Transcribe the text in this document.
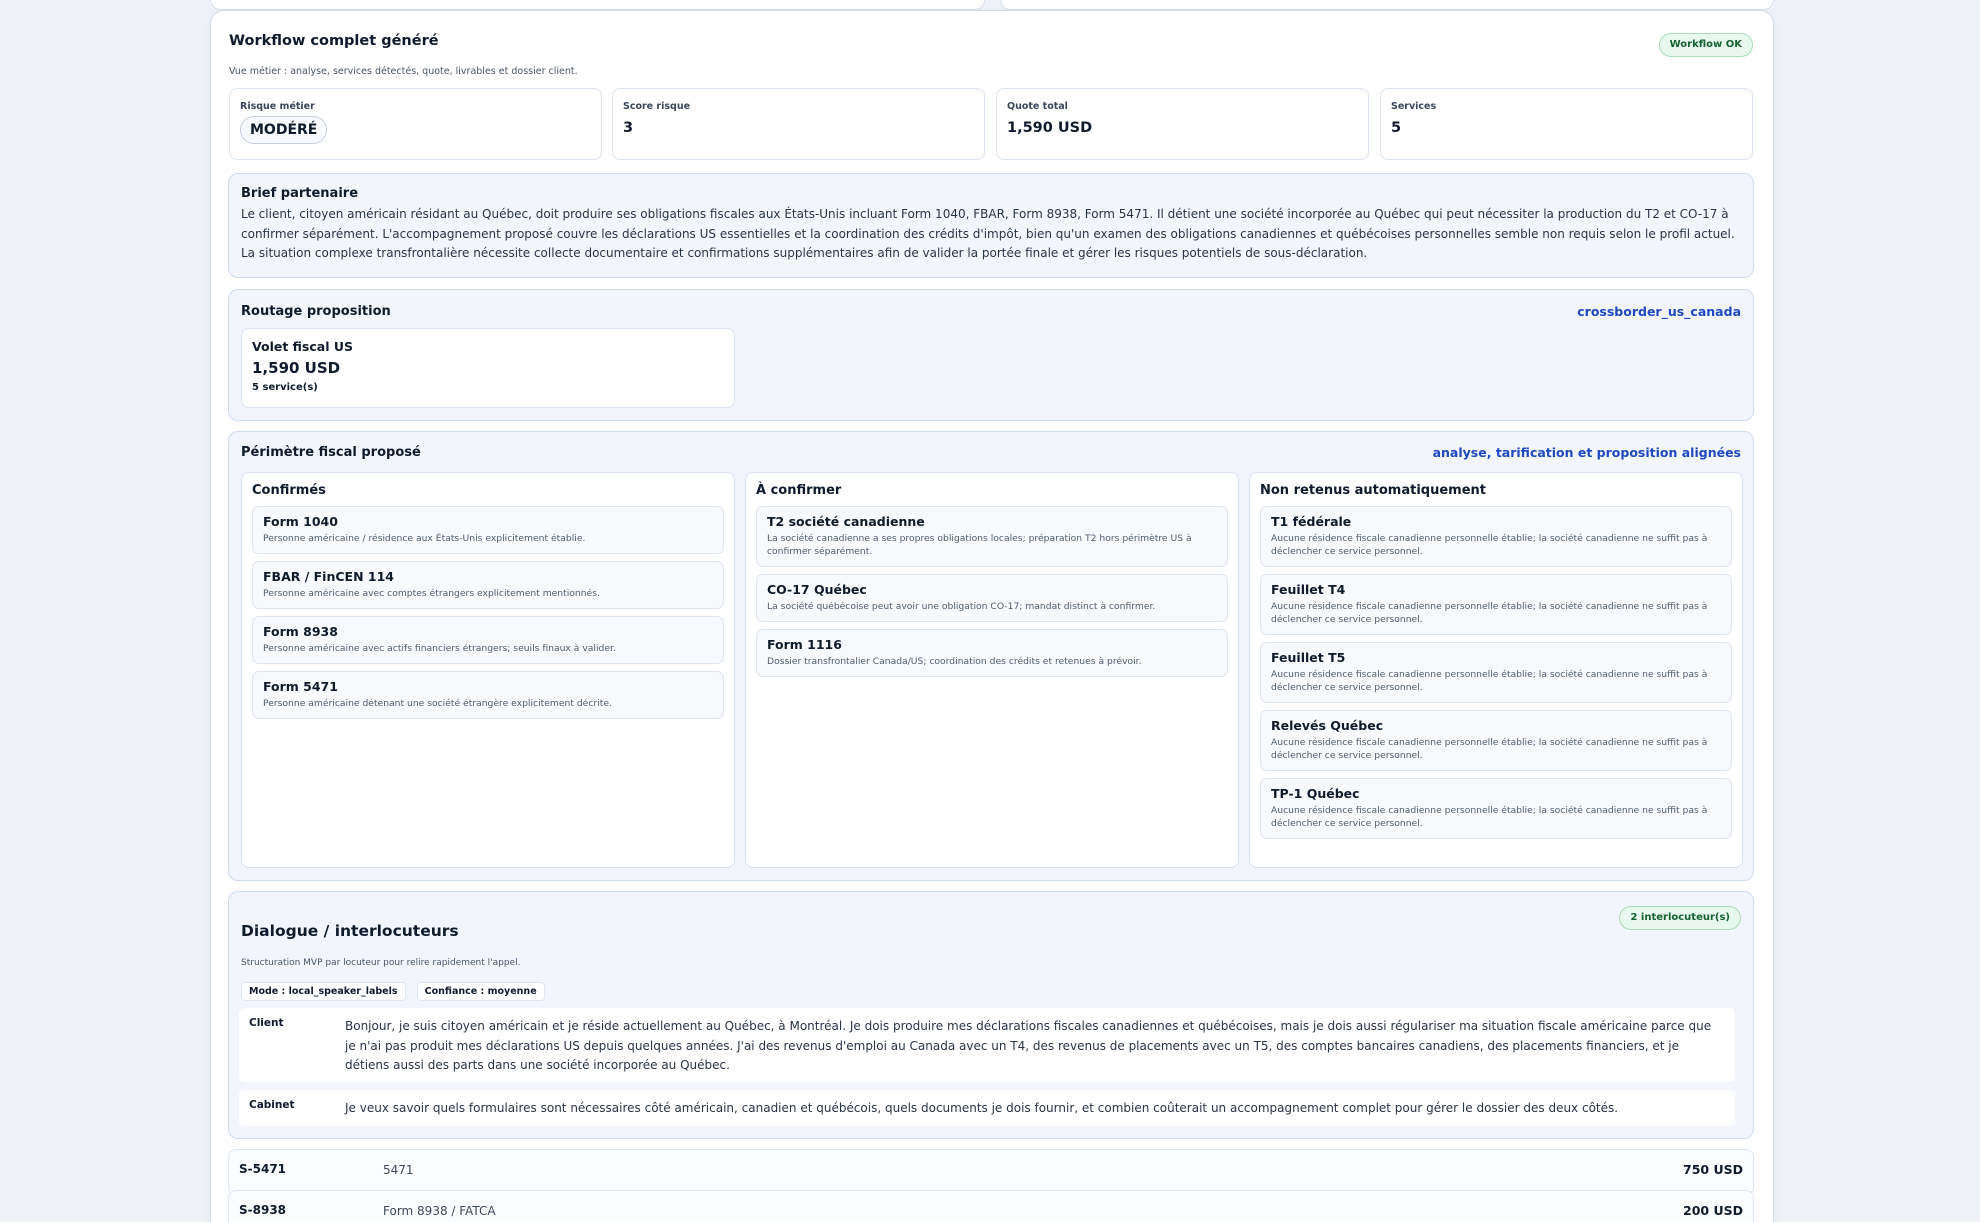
Workflow complet généré
Vue métier : analyse, services détectés, quote, livrables et dossier client.
Workflow OK
Risque métier
MODÉRÉ
Score risque
3
Quote total
1,590 USD
Services
5
Brief partenaire
Le client, citoyen américain résidant au Québec, doit produire ses obligations fiscales aux États-Unis incluant Form 1040, FBAR, Form 8938, Form 5471. Il détient une société incorporée au Québec qui peut nécessiter la production du T2 et CO-17 à confirmer séparément. L'accompagnement proposé couvre les déclarations US essentielles et la coordination des crédits d'impôt, bien qu'un examen des obligations canadiennes et québécoises personnelles semble non requis selon le profil actuel. La situation complexe transfrontalière nécessite collecte documentaire et confirmations supplémentaires afin de valider la portée finale et gérer les risques potentiels de sous-déclaration.
Routage proposition	crossborder_us_canada
Volet fiscal US
1,590 USD
5 service(s)
Périmètre fiscal proposé	analyse, tarification et proposition alignées
Confirmés
Form 1040
Personne américaine / résidence aux États-Unis explicitement établie.
FBAR / FinCEN 114
Personne américaine avec comptes étrangers explicitement mentionnés.
Form 8938
Personne américaine avec actifs financiers étrangers; seuils finaux à valider.
Form 5471
Personne américaine détenant une société étrangère explicitement décrite.
À confirmer
T2 société canadienne
La société canadienne a ses propres obligations locales; préparation T2 hors périmètre US à confirmer séparément.
CO-17 Québec
La société québécoise peut avoir une obligation CO-17; mandat distinct à confirmer.
Form 1116
Dossier transfrontalier Canada/US; coordination des crédits et retenues à prévoir.
Non retenus automatiquement
T1 fédérale
Aucune résidence fiscale canadienne personnelle établie; la société canadienne ne suffit pas à déclencher ce service personnel.
Feuillet T4
Aucune résidence fiscale canadienne personnelle établie; la société canadienne ne suffit pas à déclencher ce service personnel.
Feuillet T5
Aucune résidence fiscale canadienne personnelle établie; la société canadienne ne suffit pas à déclencher ce service personnel.
Relevés Québec
Aucune résidence fiscale canadienne personnelle établie; la société canadienne ne suffit pas à déclencher ce service personnel.
TP-1 Québec
Aucune résidence fiscale canadienne personnelle établie; la société canadienne ne suffit pas à déclencher ce service personnel.
Dialogue / interlocuteurs
2 interlocuteur(s)
Structuration MVP par locuteur pour relire rapidement l'appel.
Mode : local_speaker_labels	Confiance : moyenne
Client	Bonjour, je suis citoyen américain et je réside actuellement au Québec, à Montréal. Je dois produire mes déclarations fiscales canadiennes et québécoises, mais je dois aussi régulariser ma situation fiscale américaine parce que je n'ai pas produit mes déclarations US depuis quelques années. J'ai des revenus d'emploi au Canada avec un T4, des revenus de placements avec un T5, des comptes bancaires canadiens, des placements financiers, et je détiens aussi des parts dans une société incorporée au Québec.
Cabinet	Je veux savoir quels formulaires sont nécessaires côté américain, canadien et québécois, quels documents je dois fournir, et combien coûterait un accompagnement complet pour gérer le dossier des deux côtés.
S-5471	5471	750 USD
S-8938	Form 8938 / FATCA	200 USD
